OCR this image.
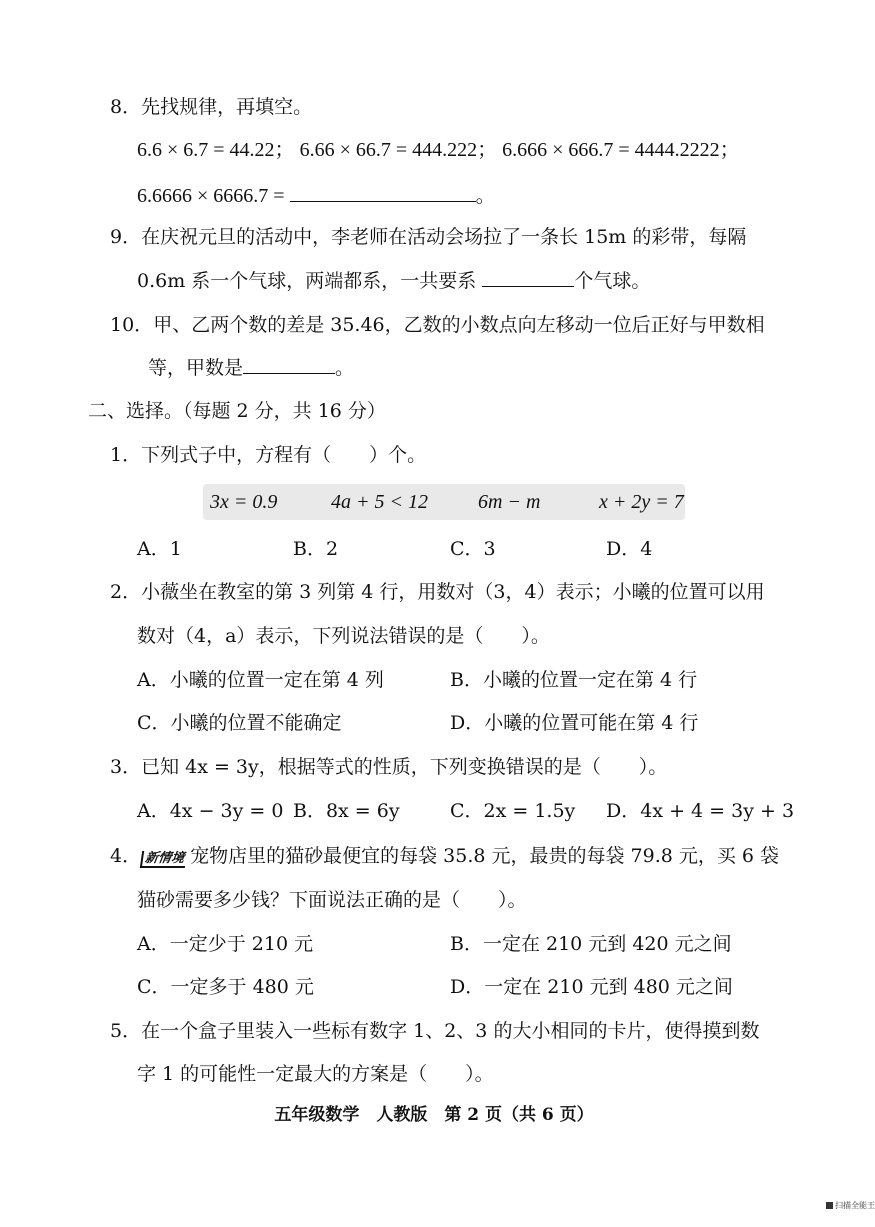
8．先找规律，再填空。
6.6 × 6.7 = 44.22； 6.66 × 66.7 = 444.222； 6.666 × 666.7 = 4444.2222；
6.6666 × 6666.7 =	。
9．在庆祝元旦的活动中，李老师在活动会场拉了一条长 15m 的彩带，每隔
0.6m 系一个气球，两端都系，一共要系	个气球。
10．甲、乙两个数的差是 35.46，乙数的小数点向左移动一位后正好与甲数相
等，甲数是	。
二、选择。（每题 2 分，共 16 分）
1．下列式子中，方程有（　　）个。
3x = 0.9	4a + 5 < 12	6m − m	x + 2y = 7
A．1	B．2	C．3	D．4
2．小薇坐在教室的第 3 列第 4 行，用数对（3，4）表示；小曦的位置可以用
数对（4，a）表示，下列说法错误的是（　　）。
A．小曦的位置一定在第 4 列	B．小曦的位置一定在第 4 行
C．小曦的位置不能确定	D．小曦的位置可能在第 4 行
3．已知 4x = 3y，根据等式的性质，下列变换错误的是（　　）。
A．4x − 3y = 0 B．8x = 6y	C．2x = 1.5y D．4x + 4 = 3y + 3
4． 新情境 宠物店里的猫砂最便宜的每袋 35.8 元，最贵的每袋 79.8 元，买 6 袋
猫砂需要多少钱？下面说法正确的是（　　）。
A．一定少于 210 元	B．一定在 210 元到 420 元之间
C．一定多于 480 元	D．一定在 210 元到 480 元之间
5．在一个盒子里装入一些标有数字 1、2、3 的大小相同的卡片，使得摸到数
字 1 的可能性一定最大的方案是（　　）。
五年级数学　人教版　第 2 页（共 6 页）
扫描全能王
